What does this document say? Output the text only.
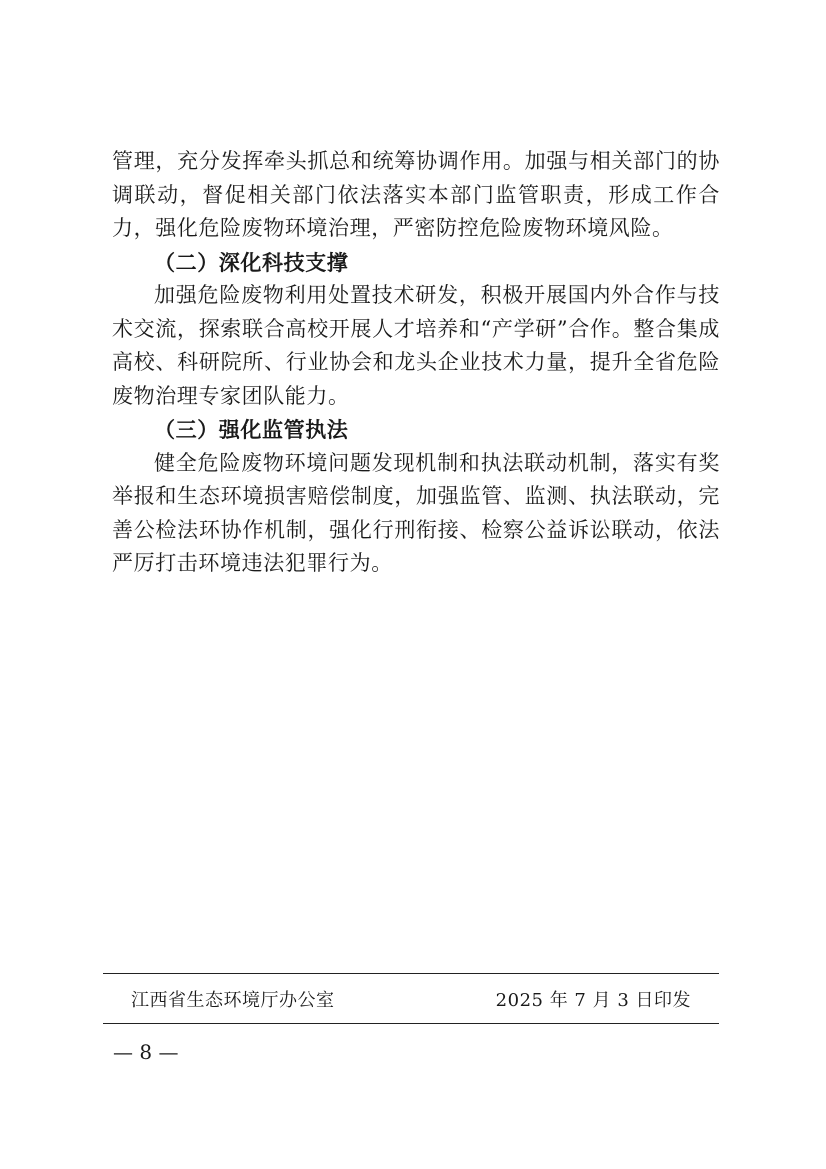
管理，充分发挥牵头抓总和统筹协调作用。加强与相关部门的协调联动，督促相关部门依法落实本部门监管职责，形成工作合力，强化危险废物环境治理，严密防控危险废物环境风险。

（二）深化科技支撑

加强危险废物利用处置技术研发，积极开展国内外合作与技术交流，探索联合高校开展人才培养和“产学研”合作。整合集成高校、科研院所、行业协会和龙头企业技术力量，提升全省危险废物治理专家团队能力。

（三）强化监管执法

健全危险废物环境问题发现机制和执法联动机制，落实有奖举报和生态环境损害赔偿制度，加强监管、监测、执法联动，完善公检法环协作机制，强化行刑衔接、检察公益诉讼联动，依法严厉打击环境违法犯罪行为。

江西省生态环境厅办公室	2025 年 7 月 3 日印发
— 8 —
